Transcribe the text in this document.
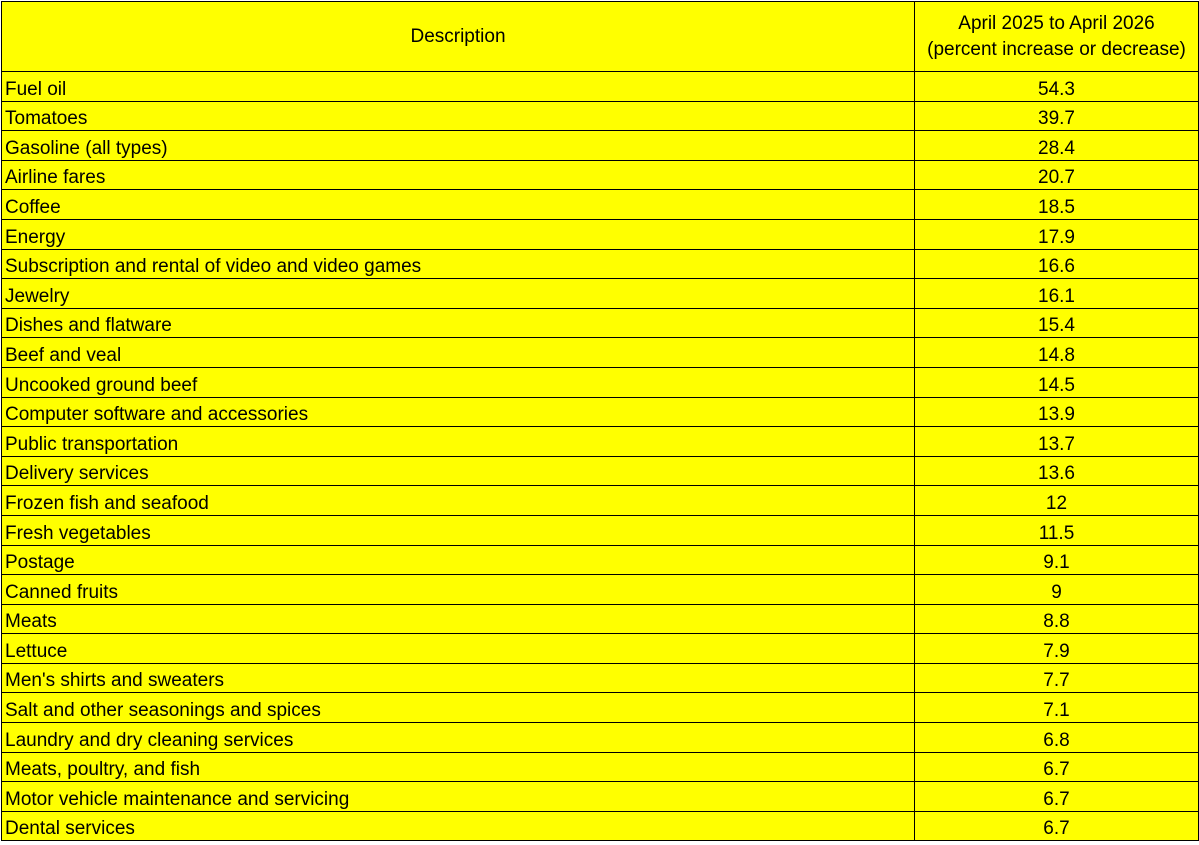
Description	April 2025 to April 2026
(percent increase or decrease)

Fuel oil	54.3
Tomatoes	39.7
Gasoline (all types)	28.4
Airline fares	20.7
Coffee	18.5
Energy	17.9
Subscription and rental of video and video games	16.6
Jewelry	16.1
Dishes and flatware	15.4
Beef and veal	14.8
Uncooked ground beef	14.5
Computer software and accessories	13.9
Public transportation	13.7
Delivery services	13.6
Frozen fish and seafood	12
Fresh vegetables	11.5
Postage	9.1
Canned fruits	9
Meats	8.8
Lettuce	7.9
Men's shirts and sweaters	7.7
Salt and other seasonings and spices	7.1
Laundry and dry cleaning services	6.8
Meats, poultry, and fish	6.7
Motor vehicle maintenance and servicing	6.7
Dental services	6.7
